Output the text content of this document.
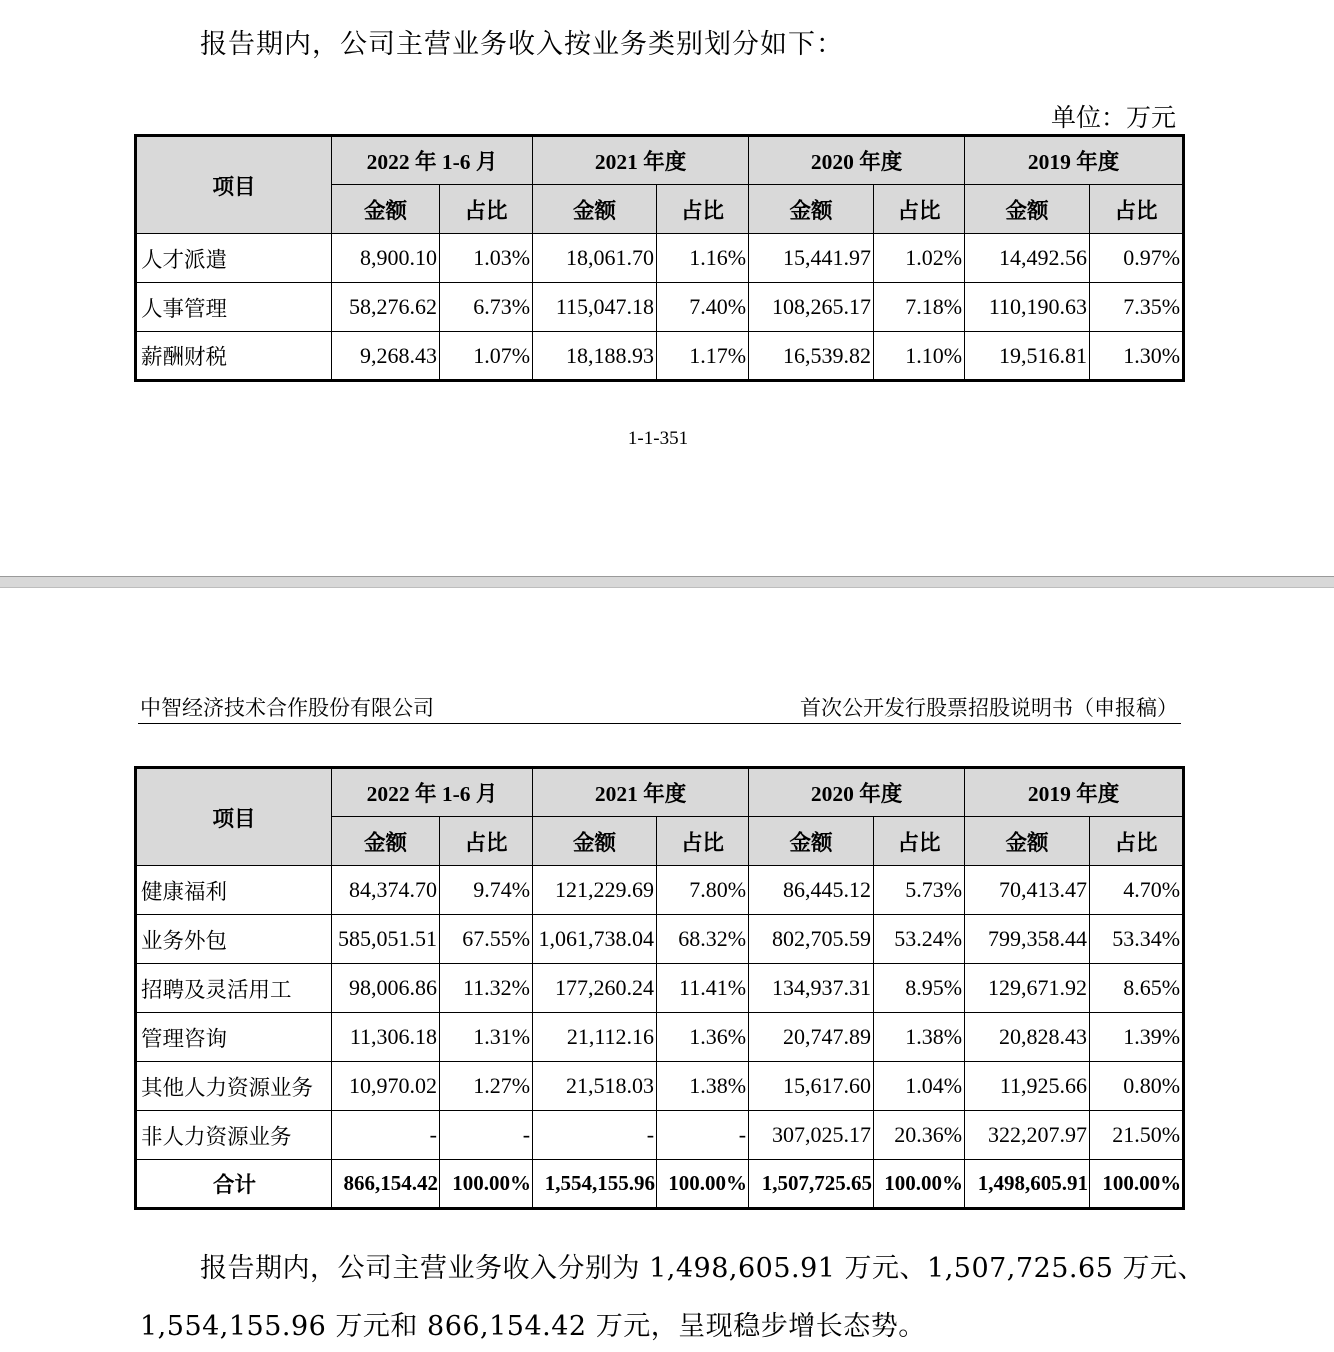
报告期内，公司主营业务收入按业务类别划分如下：
单位：万元
项目	2022 年 1-6 月		2021 年度		2020 年度		2019 年度	
	金额	占比	金额	占比	金额	占比	金额	占比
人才派遣	8,900.10	1.03%	18,061.70	1.16%	15,441.97	1.02%	14,492.56	0.97%
人事管理	58,276.62	6.73%	115,047.18	7.40%	108,265.17	7.18%	110,190.63	7.35%
薪酬财税	9,268.43	1.07%	18,188.93	1.17%	16,539.82	1.10%	19,516.81	1.30%
1-1-351
中智经济技术合作股份有限公司	首次公开发行股票招股说明书（申报稿）
项目	2022 年 1-6 月		2021 年度		2020 年度		2019 年度	
	金额	占比	金额	占比	金额	占比	金额	占比
健康福利	84,374.70	9.74%	121,229.69	7.80%	86,445.12	5.73%	70,413.47	4.70%
业务外包	585,051.51	67.55%	1,061,738.04	68.32%	802,705.59	53.24%	799,358.44	53.34%
招聘及灵活用工	98,006.86	11.32%	177,260.24	11.41%	134,937.31	8.95%	129,671.92	8.65%
管理咨询	11,306.18	1.31%	21,112.16	1.36%	20,747.89	1.38%	20,828.43	1.39%
其他人力资源业务	10,970.02	1.27%	21,518.03	1.38%	15,617.60	1.04%	11,925.66	0.80%
非人力资源业务	-	-	-	-	307,025.17	20.36%	322,207.97	21.50%
合计	866,154.42	100.00%	1,554,155.96	100.00%	1,507,725.65	100.00%	1,498,605.91	100.00%
报告期内，公司主营业务收入分别为 1,498,605.91 万元、1,507,725.65 万元、
1,554,155.96 万元和 866,154.42 万元，呈现稳步增长态势。
